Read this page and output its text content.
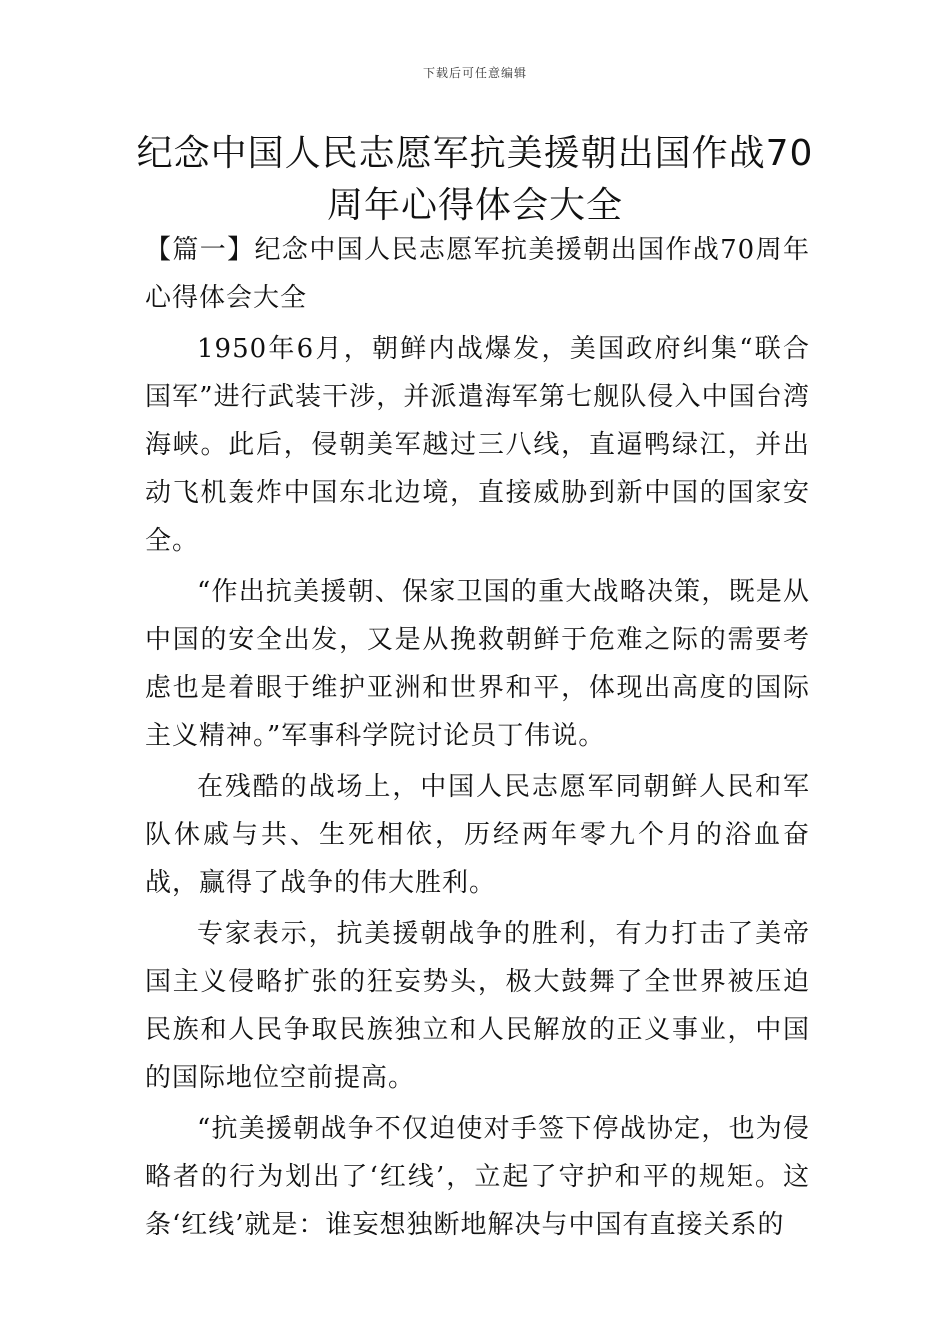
下载后可任意编辑
纪念中国人民志愿军抗美援朝出国作战70周年心得体会大全

【篇一】纪念中国人民志愿军抗美援朝出国作战70周年心得体会大全

1950年6月，朝鲜内战爆发，美国政府纠集“联合国军”进行武装干涉，并派遣海军第七舰队侵入中国台湾海峡。此后，侵朝美军越过三八线，直逼鸭绿江，并出动飞机轰炸中国东北边境，直接威胁到新中国的国家安全。

“作出抗美援朝、保家卫国的重大战略决策，既是从中国的安全出发，又是从挽救朝鲜于危难之际的需要考虑也是着眼于维护亚洲和世界和平，体现出高度的国际主义精神。”军事科学院讨论员丁伟说。

在残酷的战场上，中国人民志愿军同朝鲜人民和军队休戚与共、生死相依，历经两年零九个月的浴血奋战，赢得了战争的伟大胜利。

专家表示，抗美援朝战争的胜利，有力打击了美帝国主义侵略扩张的狂妄势头，极大鼓舞了全世界被压迫民族和人民争取民族独立和人民解放的正义事业，中国的国际地位空前提高。

“抗美援朝战争不仅迫使对手签下停战协定，也为侵略者的行为划出了‘红线’，立起了守护和平的规矩。这条‘红线’就是：谁妄想独断地解决与中国有直接关系的
